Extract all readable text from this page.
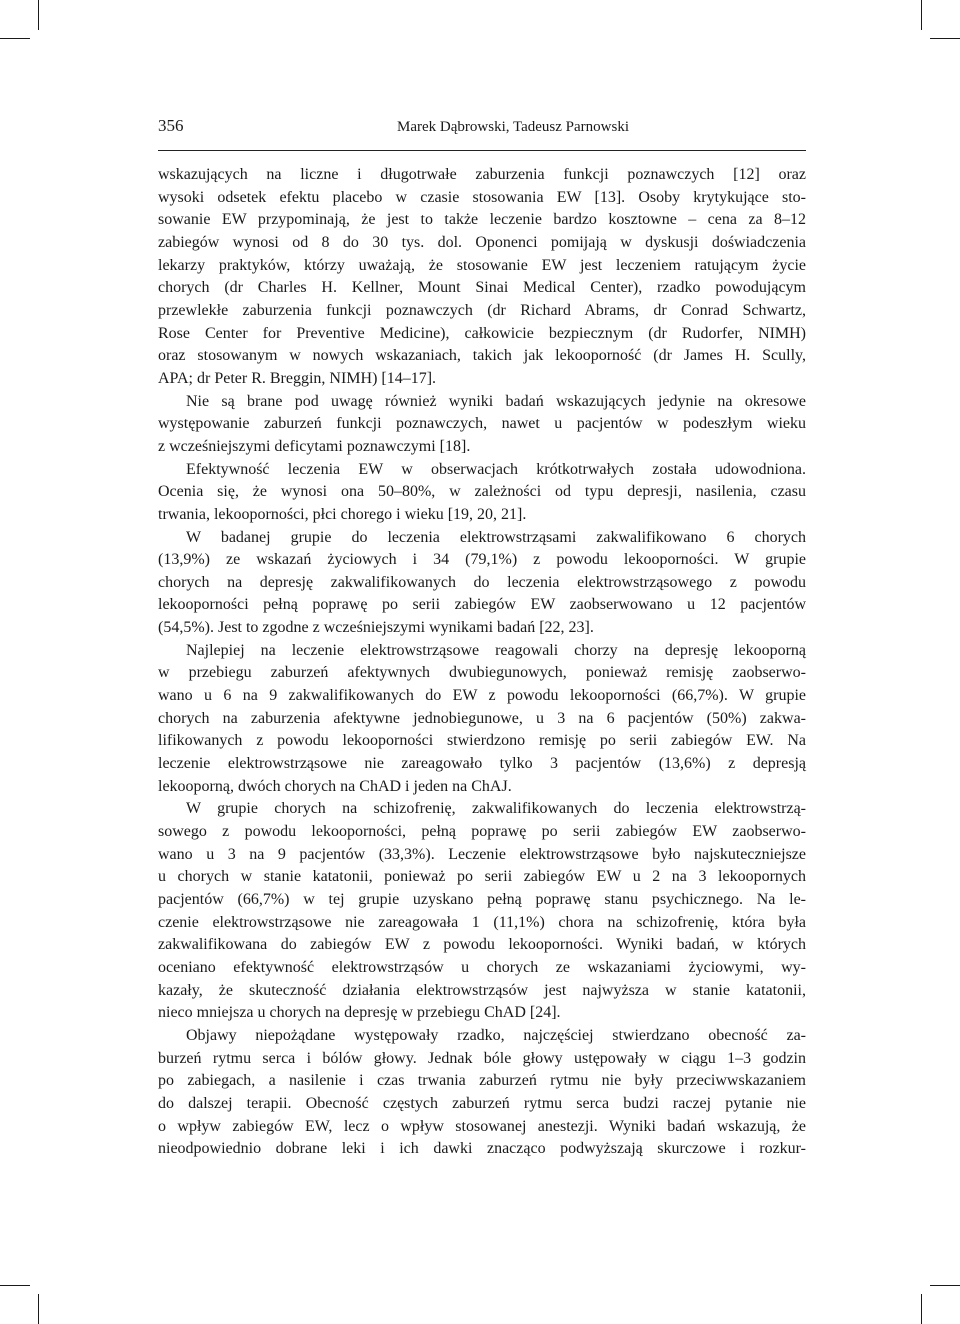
356	Marek Dąbrowski, Tadeusz Parnowski
wskazujących na liczne i długotrwałe zaburzenia funkcji poznawczych [12] oraz
wysoki odsetek efektu placebo w czasie stosowania EW [13]. Osoby krytykujące sto-
sowanie EW przypominają, że jest to także leczenie bardzo kosztowne – cena za 8–12
zabiegów wynosi od 8 do 30 tys. dol. Oponenci pomijają w dyskusji doświadczenia
lekarzy praktyków, którzy uważają, że stosowanie EW jest leczeniem ratującym życie
chorych (dr Charles H. Kellner, Mount Sinai Medical Center), rzadko powodującym
przewlekłe zaburzenia funkcji poznawczych (dr Richard Abrams, dr Conrad Schwartz,
Rose Center for Preventive Medicine), całkowicie bezpiecznym (dr Rudorfer, NIMH)
oraz stosowanym w nowych wskazaniach, takich jak lekooporność (dr James H. Scully,
APA; dr Peter R. Breggin, NIMH) [14–17].
Nie są brane pod uwagę również wyniki badań wskazujących jedynie na okresowe
występowanie zaburzeń funkcji poznawczych, nawet u pacjentów w podeszłym wieku
z wcześniejszymi deficytami poznawczymi [18].
Efektywność leczenia EW w obserwacjach krótkotrwałych została udowodniona.
Ocenia się, że wynosi ona 50–80%, w zależności od typu depresji, nasilenia, czasu
trwania, lekooporności, płci chorego i wieku [19, 20, 21].
W badanej grupie do leczenia elektrowstrząsami zakwalifikowano 6 chorych
(13,9%) ze wskazań życiowych i 34 (79,1%) z powodu lekooporności. W grupie
chorych na depresję zakwalifikowanych do leczenia elektrowstrząsowego z powodu
lekooporności pełną poprawę po serii zabiegów EW zaobserwowano u 12 pacjentów
(54,5%). Jest to zgodne z wcześniejszymi wynikami badań [22, 23].
Najlepiej na leczenie elektrowstrząsowe reagowali chorzy na depresję lekooporną
w przebiegu zaburzeń afektywnych dwubiegunowych, ponieważ remisję zaobserwo-
wano u 6 na 9 zakwalifikowanych do EW z powodu lekooporności (66,7%). W grupie
chorych na zaburzenia afektywne jednobiegunowe, u 3 na 6 pacjentów (50%) zakwa-
lifikowanych z powodu lekooporności stwierdzono remisję po serii zabiegów EW. Na
leczenie elektrowstrząsowe nie zareagowało tylko 3 pacjentów (13,6%) z depresją
lekooporną, dwóch chorych na ChAD i jeden na ChAJ.
W grupie chorych na schizofrenię, zakwalifikowanych do leczenia elektrowstrzą-
sowego z powodu lekooporności, pełną poprawę po serii zabiegów EW zaobserwo-
wano u 3 na 9 pacjentów (33,3%). Leczenie elektrowstrząsowe było najskuteczniejsze
u chorych w stanie katatonii, ponieważ po serii zabiegów EW u 2 na 3 lekoopornych
pacjentów (66,7%) w tej grupie uzyskano pełną poprawę stanu psychicznego. Na le-
czenie elektrowstrząsowe nie zareagowała 1 (11,1%) chora na schizofrenię, która była
zakwalifikowana do zabiegów EW z powodu lekooporności. Wyniki badań, w których
oceniano efektywność elektrowstrząsów u chorych ze wskazaniami życiowymi, wy-
kazały, że skuteczność działania elektrowstrząsów jest najwyższa w stanie katatonii,
nieco mniejsza u chorych na depresję w przebiegu ChAD [24].
Objawy niepożądane występowały rzadko, najczęściej stwierdzano obecność za-
burzeń rytmu serca i bólów głowy. Jednak bóle głowy ustępowały w ciągu 1–3 godzin
po zabiegach, a nasilenie i czas trwania zaburzeń rytmu nie były przeciwwskazaniem
do dalszej terapii. Obecność częstych zaburzeń rytmu serca budzi raczej pytanie nie
o wpływ zabiegów EW, lecz o wpływ stosowanej anestezji. Wyniki badań wskazują, że
nieodpowiednio dobrane leki i ich dawki znacząco podwyższają skurczowe i rozkur-
